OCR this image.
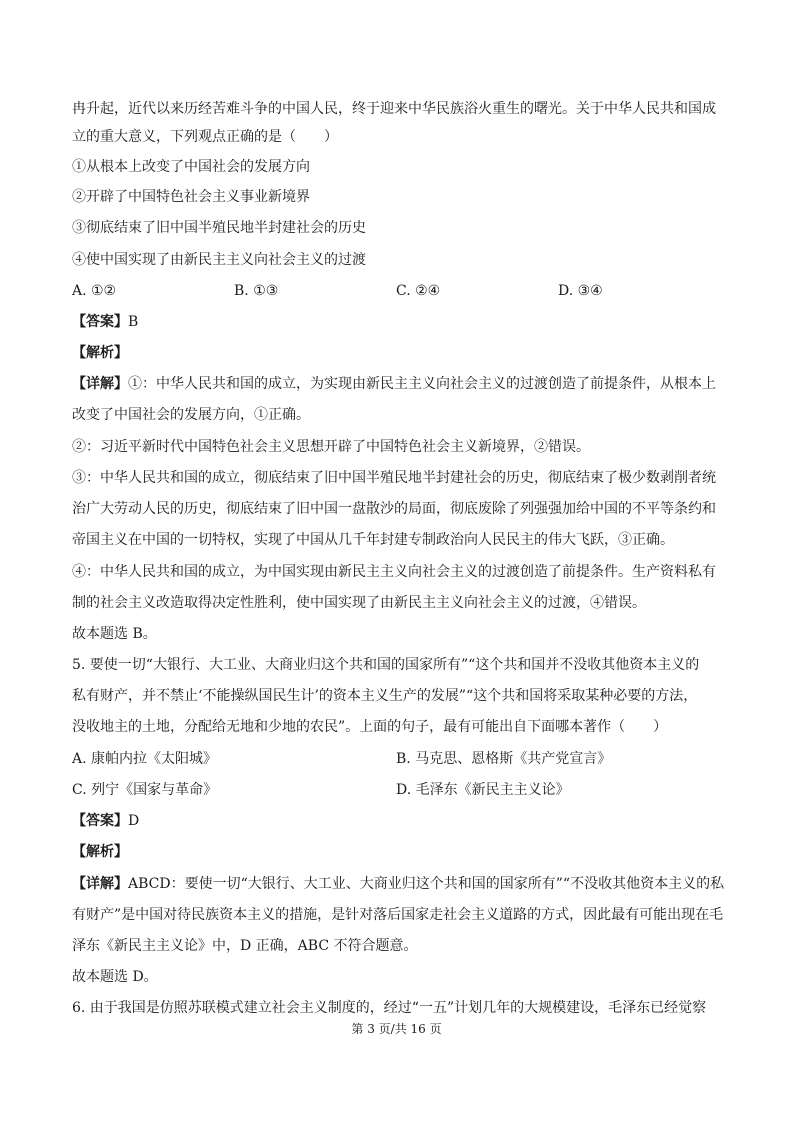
冉升起，近代以来历经苦难斗争的中国人民，终于迎来中华民族浴火重生的曙光。关于中华人民共和国成
立的重大意义，下列观点正确的是（　　）
①从根本上改变了中国社会的发展方向
②开辟了中国特色社会主义事业新境界
③彻底结束了旧中国半殖民地半封建社会的历史
④使中国实现了由新民主主义向社会主义的过渡
A. ①②	B. ①③	C. ②④	D. ③④
【答案】B
【解析】
【详解】①：中华人民共和国的成立，为实现由新民主主义向社会主义的过渡创造了前提条件，从根本上
改变了中国社会的发展方向，①正确。
②：习近平新时代中国特色社会主义思想开辟了中国特色社会主义新境界，②错误。
③：中华人民共和国的成立，彻底结束了旧中国半殖民地半封建社会的历史，彻底结束了极少数剥削者统
治广大劳动人民的历史，彻底结束了旧中国一盘散沙的局面，彻底废除了列强强加给中国的不平等条约和
帝国主义在中国的一切特权，实现了中国从几千年封建专制政治向人民民主的伟大飞跃，③正确。
④：中华人民共和国的成立，为中国实现由新民主主义向社会主义的过渡创造了前提条件。生产资料私有
制的社会主义改造取得决定性胜利，使中国实现了由新民主主义向社会主义的过渡，④错误。
故本题选 B。
5. 要使一切“大银行、大工业、大商业归这个共和国的国家所有”“这个共和国并不没收其他资本主义的
私有财产，并不禁止‘不能操纵国民生计’的资本主义生产的发展”“这个共和国将采取某种必要的方法，
没收地主的土地，分配给无地和少地的农民”。上面的句子，最有可能出自下面哪本著作（　　）
A. 康帕内拉《太阳城》	B. 马克思、恩格斯《共产党宣言》
C. 列宁《国家与革命》	D. 毛泽东《新民主主义论》
【答案】D
【解析】
【详解】ABCD：要使一切“大银行、大工业、大商业归这个共和国的国家所有”“不没收其他资本主义的私
有财产”是中国对待民族资本主义的措施，是针对落后国家走社会主义道路的方式，因此最有可能出现在毛
泽东《新民主主义论》中，D 正确，ABC 不符合题意。
故本题选 D。
6. 由于我国是仿照苏联模式建立社会主义制度的，经过“一五”计划几年的大规模建设，毛泽东已经觉察
第 3 页/共 16 页
